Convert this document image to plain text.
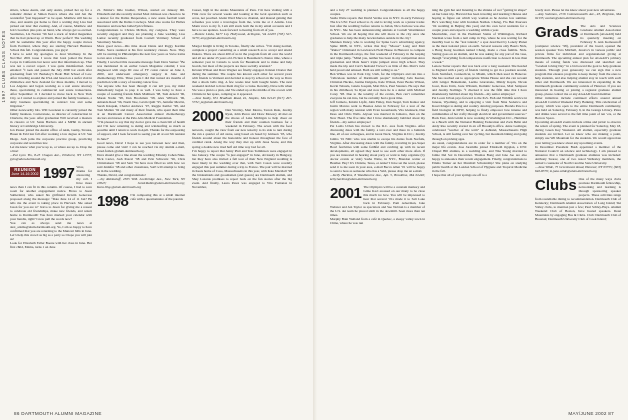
1997 CLUBS CLASS NOTES

sitters, whose Aunts, and only Aunts, picked her up for a romantic dinner at Simon Pearce where she told Jen the wonderful “just happened” to be open. Matthew still has no clue, and Austin got home to find a waiting ring Lisa had picked out later that evening. And, of course, Matthew and Jen’s bourbon plus pals on hand, who always get so excited. Seattleites, Liz Norton ’96 had a stack of bridal magazines that he had picked up at Warm. How perfect! The wedding will be sometime this year after the happy couple moves from Portland, where they are starting Harvard Business School this fall. Congratulations, you guys!

I have to send my apologies to Jessi Wortheny. In the Nov/Dec 2001 issue I wrote that Jessi joined the Peace Corps in California but never sent that information up. That was not a correct report. I was quite misinformed. Jessi emailed: “I took and passed the July 2000 bar exam after graduating from UC Berkeley’s Boalt Hall School of Law. After traveling around the USA and based on a surfer visit in Zimbabwe and New Zealand for three months, I moved to Los Angeles and began working as a real estate attorney there, specializing in commercial real estate transactions. After September 11 I decided to move back to New York City, so I started to explore and joined the family business, a daily business specializing in contract law and some litigation.”

Other noteworthy bits. Will Lorenzen is currently joined the family business. Cornerstone, as director of construction in Charlotte, the year. After graduation Will received a masters in classics at UC Santa Barbara and a MPhil in ancient history at Cambridge University.

Jon Pauser joined the Austin office of Akin, Gump, Strauss, Hauer & Feld last fall after working a law degree at UC San Diego. Josh joins the corporate practice group, practicing corporate and securities law.

Let me know what you’re up to, or where are up to. Drop me a line!

—Pat Lyon Yin, 8-25 Chagan Ave., Elmhurst, NY 11373; pyin@alum.dartmouth.org

REUNION
June 14-16 2002 1997 Wow, thanks for answering my call. I have more news than I can fit in this column. Of course, I had to save room for another engagement notice. Bravo to Jason Sutherland, who asked his girlfriend Kristin Genovese proposed along the message: “Date June 14 of 11 Jan? He tells me the event is taking place in Harvard. She asked Jason for you are to” bravo to Jason for giving me a reason to celebrate old friendships, make new friends, and return home to Dartmouth! You have marked your calendar with your bundle, right? I now pull the words now?

You can as always send me news at alex_adams@alum.dartmouth.org. Yo, I am so happy to have confirmed that you are returning to the Muncert hills in June. Let’s help this crowd as big as a party so I hope you will join us!

Look for Elizabeth Feller Boone with her class in June. Her first child, Emma, turns 1 on June

21. Emma’s little brother, Wilson, started on January 9th. Elizabeth and she recently started Mott Johnson was chosen to be a dancer for the Dallas Desperados, a new arena football team associated with the Dallas Cowboys. Mott also works for Hallex Insurance and teaches ballet/lyrics/fitness.

Congratulations to Christo McDon, my congress. They were recently engaged and they are planning a June wedding. Lisa Lamar recently graduated from Cornell Vetrinary School of Veterinary Studies.

More good news—this time about Dante and Peggy Karimn Wells. Steve reunited at his first residency classes. Now. They will be starting in Philadelphia the next few years as Steve trains to run once a business.

Finally, I received this awesome message from Dave Santee: “Be was mentioned in an earlier Green Magazine column; I was diagnosed with stage III case of FY colon cancer on June 2, 2000, and underwent emergency surgery in June and chemotherapy Ellis. Three years I did that turned six months of prediction with a story of treating cancer free.

“As anyone who has been through it can tell you, my mind immediately began to prep it as well. I was lucky to have a couple of rooming friends Mark Mathisen ’98, Tom Arnold ’96, Marek Nadia ’98, Dan Brockman ’98, Alex Wilburn ’96, Amanda Reed ’96, Norm Noe, Gavin Quilt ’95, Jennifer Mevrin, Sarah Knapski, Charlot Andrews ’97, Reggie Kettler ’98, and Tom Mullen ’92 and many of their friends, who spent their time at an Dartmouth Cancer Association annual chemotherapy doctors and nurses at the Palo Alto Medical Foundation.

“I’m pleased to say that my doctor gave me a clean bill of health and I’m now returning to skiing and windsurfing as much as possible until I return to work in April. Thanks for the outpouring of support, and I look forward to seeing you all at our 5th reunion in June!”

Good news, Dave! I hope to see you between now and then, please come and visit! I can be reached via my alumni e-mail, Jared.folden @alum.dartmouth.org.

Dave should give a line about the wedding Eilianny Cohen Niko. Nick Carter, Josh Pascal ’98 and Erin Schwartz ’96, Chris Christianson ’98 and Sam ’94 have now filled us with how we said Jennifer ’98 and other classmates, SAE will attempt to bring us in the wedding.

Thanks, David, and congratulations!

—Joy Rabinaloff, 2505 WM. Lockbridge Ave., New York, NY 10023; Jared.Rabin@alum.dartmouth.org; Kara.Ohg.@alum.dartmouth.org

1998 I’m composing this at a small internet cafe with a questionnaire of the parents

Cusset, high in the Andes Mountains of Peru. I’m here visiting with a Flint crew for several weeks and looking at the local operation such as orcas, not poached. Glenn Ward Muco to channel, and instead gaining that refreshes you want a travelogue from me, write me at 2 Adams. Lisa Mann vows to my fi, I am still stuck both the in my email accounts and I have to see updates. Look forward to hearing from all of you.

—Bonnie Linda, 6477 Loy Hollywood, Arlington, VA 22203 (703) 527-3279; amy@alum.dartmouth.org

Margot Knight is living in Toronto, finally she writes. “I’m doing normal, complete a project consulting as a small research as to accept and attend Dakota. There are about 400 of us in the program from all over the world and all are under 25 years old. Fiction is Beaumont’s chance time, where a semester year in Canada to work for Beaumont and to make and help boards, but most of the projects are more socially oriented.”

Kristen Wilson and Dave Wagner are finally engaged. Kristen Charter that during the summer. The couple has known each other for several years with friends to Vermont and decided to stop by school on the way so Dave that a shock bells ring. A few weeks later both bought bands. The next weekend decided to have them ring for a cruise. Recently, Dave tells when Vie was a plan is a plan, and Vie ended up at the middle of the a town with Christie in her spare, comping so it appeared.

—Jane Kathy, 651 Bradham Road, #1, Staples, MA 02143 (617) 497-5732; ja@alum.dartmouth.org

2000 Dan Wortley, Matt Monro, Terren Rule, Jeremy Ryan, John Pierce and Drew Mowery all met on the shores of Lake Michigan to help cheer on their friends and their reunion business for a weekend in February. The seven with the food network, caught the view from our new tenacity to its side to turn during the run a quarter of old stone, sang based on based by Gimeon ’03, who friends around about the honorable and honour throughout the face of cardinal canal. Along the way they met up with Jessa Soare, and this spring a double new tired half old time way bad for all.

I’m happy to report that Jenny Platt and Tess Tomlinson were engaged in late January. The couple “is just engaged” in June, obviously in Hungary, but they have also invited a full tour of their New England wedding is most likely in the wedding over that, with Terri Cason were recently engaged this past summer during a trip to France. The pair will be married in Keats home of Coso, Massachusetts in this year, with Kate Marshall ’98 the bridesmaids and groomsmen (and guests) are Dartmouth alumni, and Shay Lazarus promises to report back on the fun stories after the big event. And finally, Laura Perez was engaged to Vito Fontanaz in November,

and a July 27 wedding is planned. Congratulations to all the happy couples.

Sasha Waite reports that David Verma was in NYC in early February. The Ice USC Food school to Ji, and is loving work as a junior trader. Just after the wedding: before returns to Jotlan, Nico Zarlowe was also in NYC. She has been demonstrating animals at Cornell Westminster School. We are all hoping that she will move to the city once she graduates to help the many bowlerdomes outside in the city!

Shannon Dancy, who is working for Spike Lee’s advertising agency, Spike DDB, in NYC, writes that Ray “Moose” Long and Matt “Ruiter” Orizmond in Lewistown Field House in Hanover to compete in the Dartmouth relays, the first weekend of February in the leaping and triple jump. “Mind you, neither has been in any competition since graduation and Mala hasn’t triple jumped since high school. They made the trip and Curt’s husband Trevor’s as little of this. Matt’s twin held proud and amused. Both are still rolling to us.”

Ben Wilkes was in Park City, Utah, for the Olympics and ran into a “ridiculous number of Dartmouth people” including Jada Keener, Christian Hackie, Justine Delgado, Kele Wilson, Peter Bodes Wilson, Kevin Tabusla, Gizela Joaquin, Matt Price, Paul Stauters. He says that in his childhood, Sa Ryan and now here he is a skiier with Michael Carey ’98. Due to the tonality of the events, Ben can’t remember everyone he ran into, but he certainly had a great time.

Jeff Jarinolo, Kristin Lipfir, John Finley, Dan Siegel, Tom Kantor and Justin Marcus went to Buenos Aires in February for a tour of the region with many reunion with Evan Greenbaum, Vita Glenneck, Dan Dees and Chris Wells. Alyson was married in Jamaica, then on the New Hotel. The five time that I have shamelessly bubbled about my friends—my senior employee!

Pat Lottis Urban has moved to the D.C. area from Virginia. After discussing dates with the family, a taxi over and there in a Jamnick line, all of our colleagues, and in Great Neck, Virginia in D.C.; Jeremy Jamba ’01 NRC who was unable to escape his duties from Norfolk, Virginia. After discussing dates with the family, traveling in pre-Super Bowl festivities with some faithful and catching up with its recent developments, all agreed they need to see each other more often. If you are interested in hearing about party or want to help organize (by doctor events or visit) Sasha Waite, in NYC, Brandon waiter or Heather. Hey! It’s Christie, Tessa, or Anna? I have set the word, please send it to me soon in your area, e-mail Becca Allen ’01 will be happy to send a boss as someone who has a Veld, please drop me an e-mail.

—Kelly Harkins, 8 Woodbourne Ave., Apt. 5, Brookline, MA 02446; kelly.harkins@alum.dartmouth.org

2001 The Olympics will be a constant memory and Gimo Kaci aroused on our many to be close this much ice bow. You will be impressed to hear that several ’01s made it to Salt Lake back in February. Pam Ackerman, Jake Webster and Jen Taylor as spectators and Sao Nobrun is a member of the U.S. ski team he placed sixth in the downhill. Seen more than ten times.

Murphy Bain Weiland from a café in Quebec, a sleepy valley town in China, where he was run

ning the gym hut and listening to the shrieks of wet “getting in shape” on her latest trip. Harvard has been traveling and learning Chinese and hoping to figure out which way woman as he desires low summer. He’s watching Jazz with Ironman Nathan. Chaleg, Flo Ben Paucoux ’04 wedding in Beijing this year) and his own local residents for a couple years and expects a wedding within a year.

Meanwhile, over in the Piedmont Steins of Wilmington, Richard Sturman wrote from a nail camp in Yap, where he was waiting for the monthly boat to the “lost islands,” a spot described by Lonely Planet as the most isolated place on earth. Several reasons only Baerts Nick, a Hong Kong boatman named Chang, made a close fumble. Nick. Stating goes on an alumni, and he was asking for any part of the vase, though “everything from temperature nonfiction to dessert in less than a week.”

Lenore Sutter reports that was back over a long weekend. She headed to England with a party of friends visiting to get in a position around, from Stamford, Connecticut, to Miami, which then used in Hanover. She has reached out to appropriate Trinka House and she can recount with Ginger Heinemann, Lezmo Giarratano, Mindy Kopin, Nicole Joost, Rosa Unin, Josie Wilstem, Dominic Genovese, Matt Sampson and Jeremy Stallings. “I checked it was the fifth time that I have shamelessly bubbled about my friends—my senior employee!

Pat Lootz Urban pays forward to the IGS. Fish and Wildlife service in Juneau, Wyoming, and is enjoying a visit from Nina Soderico and Kaori Kluger to skiing and country dancing purposes. Brenda Pare is a field biologist in DFW, helping to finely empower bow intense and communities of her crafty through electrical and government sources.” Back East, Jenn Gridzi is now working in Washington D.C., Hamilton as a Beach with the National Hunting Federation and Zack Belin and Andy Reo recently started in an off Brooklyn office. Anne Gottinger, celebrated “teacher of the term” at Ashland, Massachusetts High School, is still feeling over her cycling, but mountain biking and going through on picking ages.

As usual, congratulations are in order for a number of ’01s on the major life events. Jose Jaramillo joined Elizabeth Ogajian, a UNC Chapel Hill alumna, to a wedding site, and Tina Young married to Jamie Del Sol in December. Thomas Bong and Jane Joo are also happy to announce their recent engagement. Finally, congratulations to Emma Turner on her Marshall Scholarship! She plans on studying public health at the London School of Hygiene and Tropical Medicine in the fall.

I hope that all of your springs are off to a

lovely start. Please let me know about your new adventures.

—Amy Solomon, 2716 Commonwealth Ave., #3, Brighton, MA 02135; asolom@alum.dartmouth.org

Grads The Arts and Sciences Graduate Alumni Association at Dartmouth (AGAAD) held its quarterly meeting on February 8. Ann Komosaroff (computer science ’98), president of the board, opened the session speaker Tara Mitchell, Jessica’s in various public and private firms for individual and organizational giving at Dartmouth. The upcoming annual plan for AGAAD’s primary means of raising funds was discussed and sketched out “Gradual Giving Day” in a bid toward the goal to help graduate students. Through your generosity we can sign that a new program that ensures programs to keep money from the ones to help students, and also helping alumni stay in touch with each other and Dartmouth. We are interested in expanding in the Dartmouth graduate community outside of Hanover. If you are interested in hosting or joining a regional graduate alumni group, please contact me or any AGAAD board member.

Other initiatives include continued efforts around annual AGAAD Carnival Weekend Party Banking. This celebration of poetry, which was open to the entire Dartmouth community, was held on Saturday, February 9, in the Grange Library. Pizza and drinks were served to the full time point of ten ’ers, or the Borrow Space.

Upcoming AGAAD events include a hike and picnic to observe the return of spring. The event is planned for Saturday, May 18, during Green Key Weekend. All alumni, especially graduate students are invited. Let us know who are making a point, simply use Wil Mountain for the students. We would appreciate your letting you know about any upcoming events.

In December President Bush appointed a member of the National Council on science and technology. I am pleased to announce that a Dartmouth graduate alumnus was included: Anthony Suarez, one of two noted Wellesley members, the nation’s counselor of North Carolina State University.

—Jana Wilde, 75 Greenhaven Road, Hanover, NY 03755; (603) 640-8379; m.jana.wilde@alum.dartmouth.org

Clubs One of the many ways clubs promote Dartmouth fellowship, networking and learning is through sponsoring speaker projects. These activities range from roundtable dining to recommendation. Dartmouth Club of Kentucky; Dartmouth Alumni Association of Long Island; Ski Valley clubs, to mention just a few; Paul Schley-Hays. Alumni Weekend Club of Boston, have hosted speakers. Dean Mountains by engaging Bos & Clubs. Club: Dartmouth Club of Houston; Dartmouth University Club of Cook Island;

86 DARTMOUTH ALUMNI MAGAZINE	MAY/JUNE 2002 87
